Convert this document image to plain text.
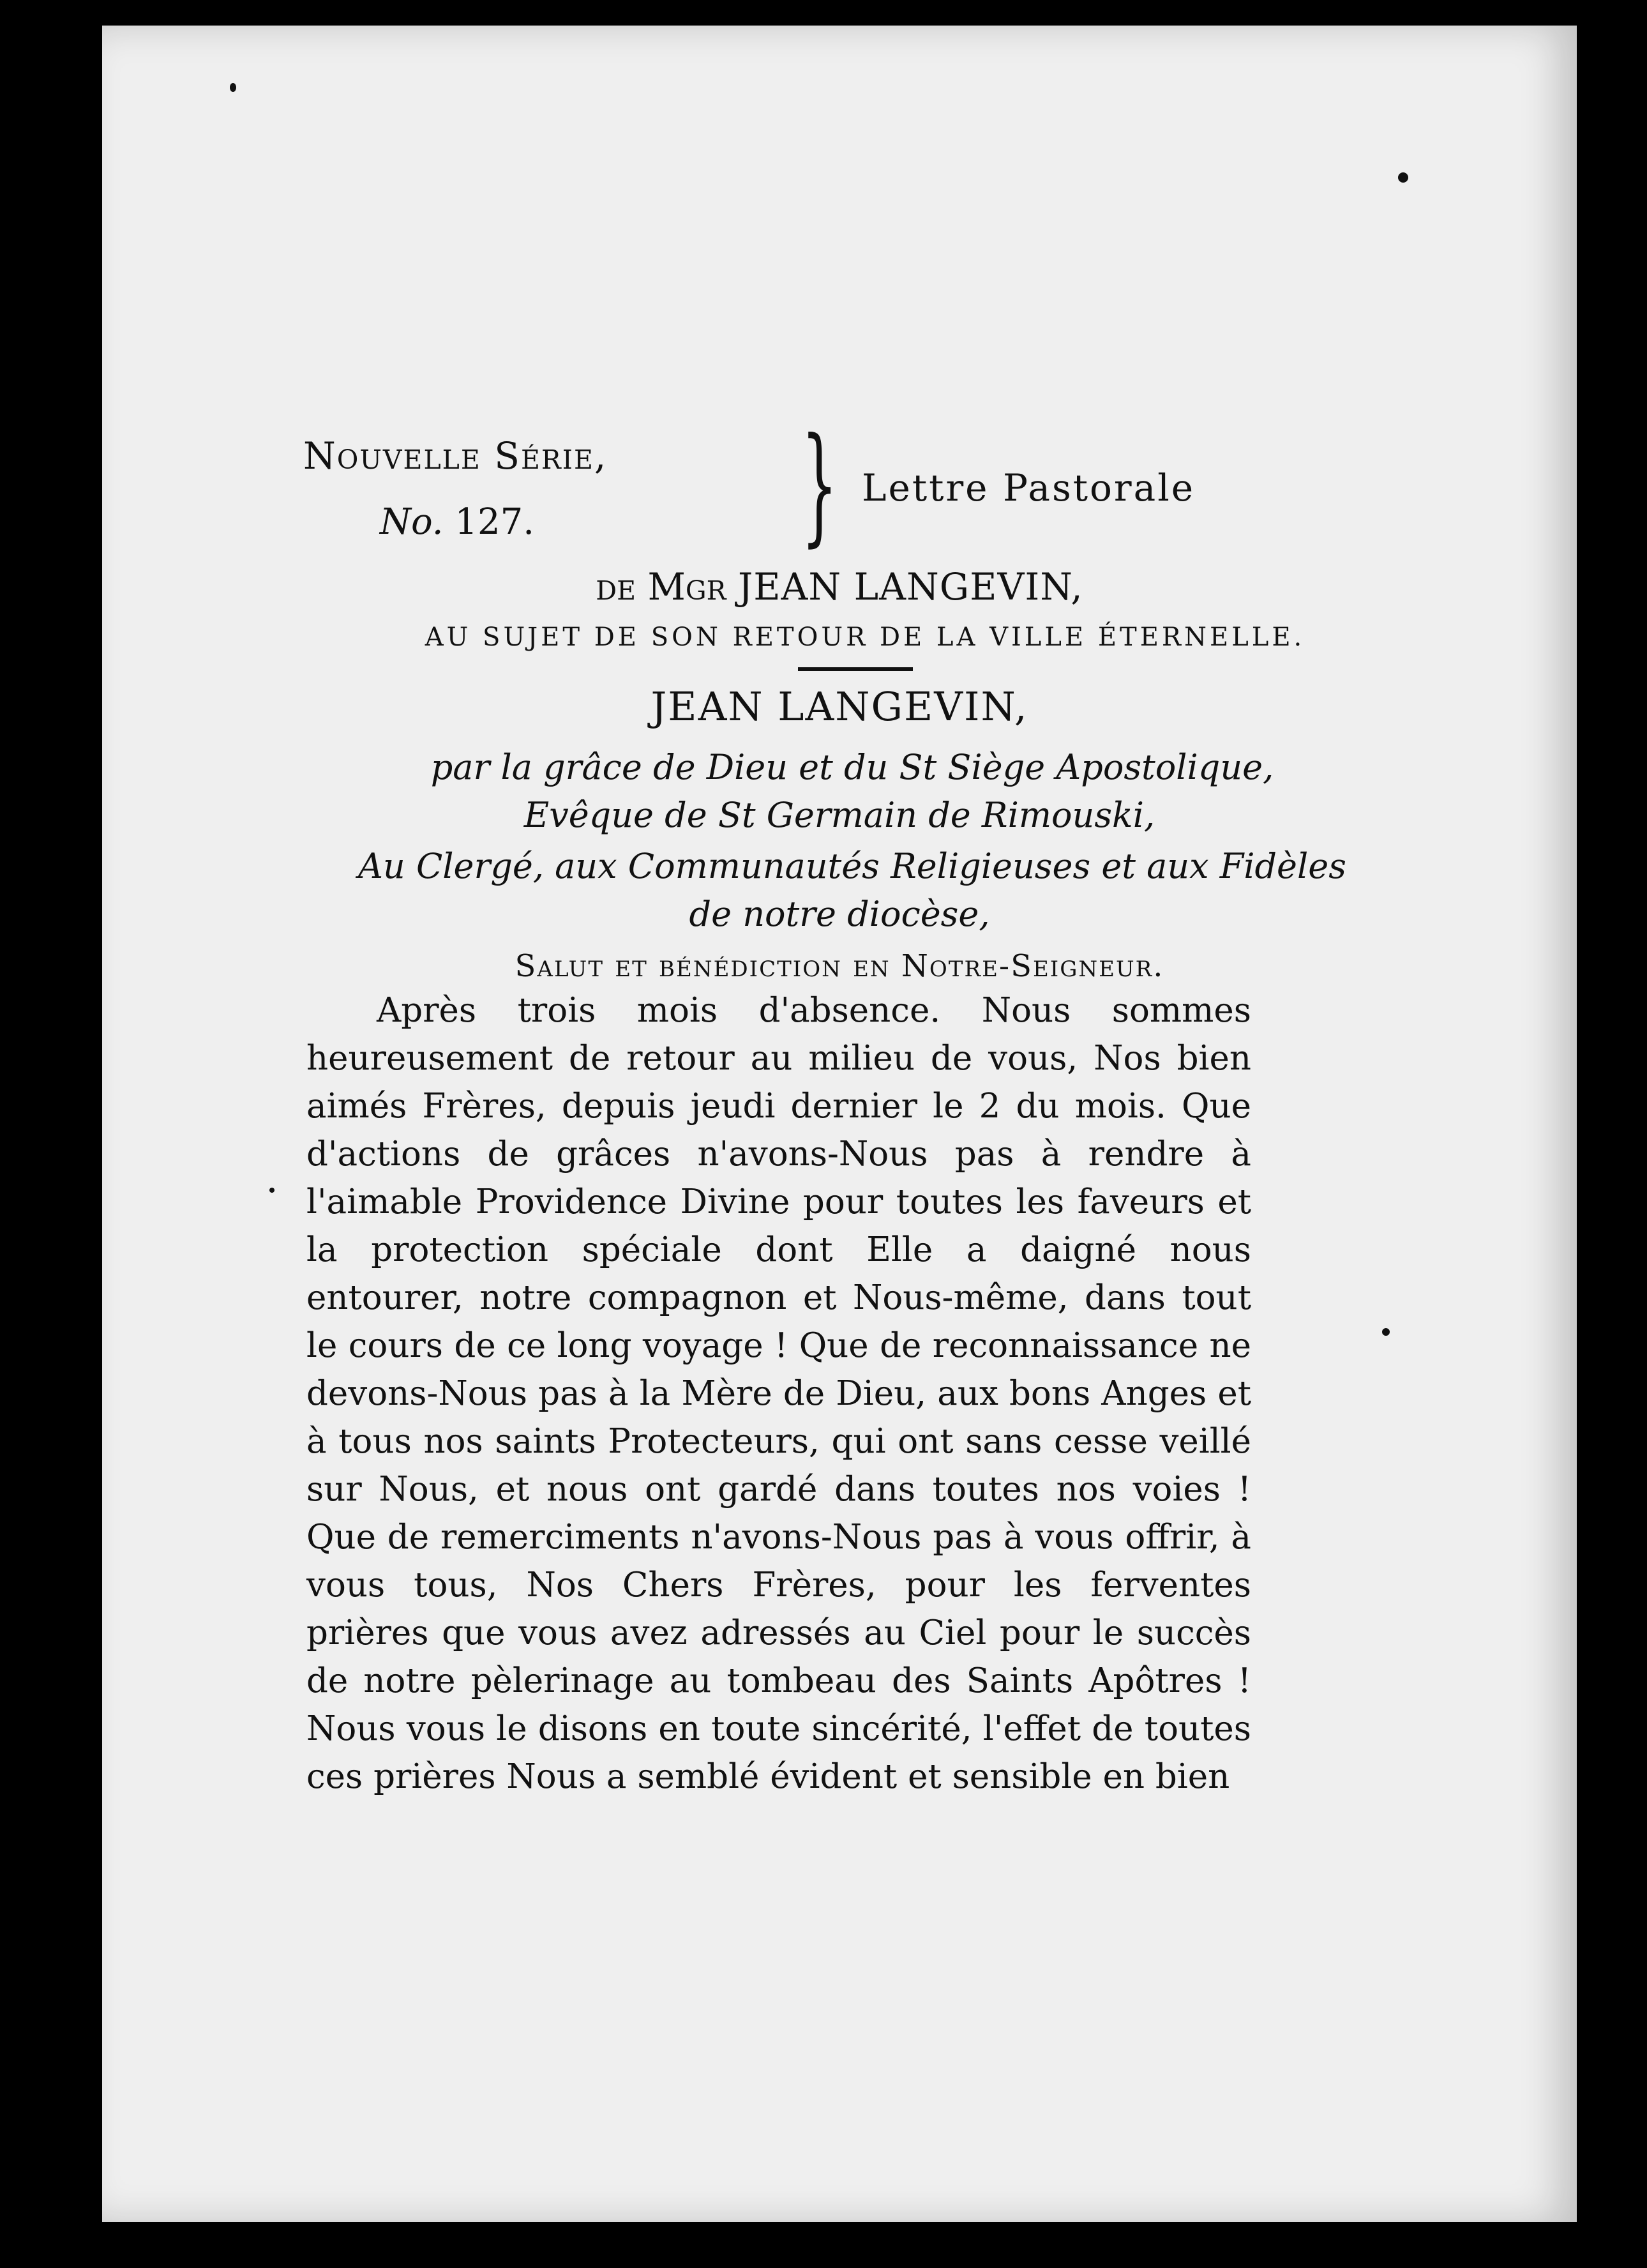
Nouvelle Série,
No. 127. } Lettre Pastorale
de Mgr JEAN LANGEVIN,
AU SUJET DE SON RETOUR DE LA VILLE ÉTERNELLE.
JEAN LANGEVIN,
par la grâce de Dieu et du St Siège Apostolique,
Evêque de St Germain de Rimouski,
Au Clergé, aux Communautés Religieuses et aux Fidèles
de notre diocèse,
Salut et bénédiction en Notre-Seigneur.
Après trois mois d'absence. Nous sommes heureusement de retour au milieu de vous, Nos bien aimés Frères, depuis jeudi dernier le 2 du mois. Que d'actions de grâces n'avons-Nous pas à rendre à l'aimable Providence Divine pour toutes les faveurs et la protection spéciale dont Elle a daigné nous entourer, notre compagnon et Nous-même, dans tout le cours de ce long voyage ! Que de reconnaissance ne devons-Nous pas à la Mère de Dieu, aux bons Anges et à tous nos saints Protecteurs, qui ont sans cesse veillé sur Nous, et nous ont gardé dans toutes nos voies ! Que de remerciments n'avons-Nous pas à vous offrir, à vous tous, Nos Chers Frères, pour les ferventes prières que vous avez adressés au Ciel pour le succès de notre pèlerinage au tombeau des Saints Apôtres ! Nous vous le disons en toute sincérité, l'effet de toutes ces prières Nous a semblé évident et sensible en bien
